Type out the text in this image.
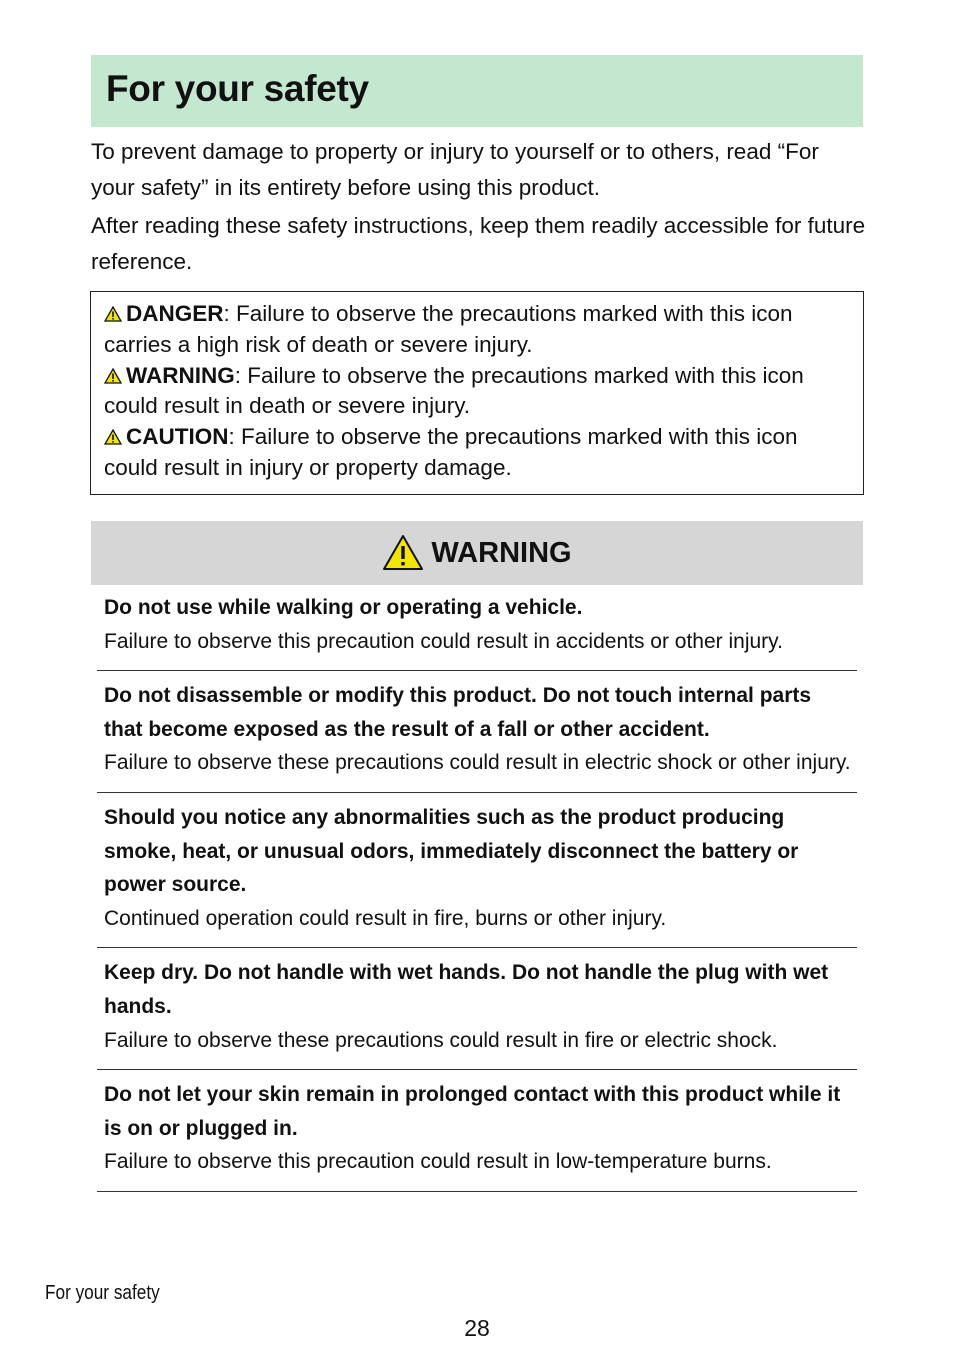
For your safety

To prevent damage to property or injury to yourself or to others, read “For your safety” in its entirety before using this product.

After reading these safety instructions, keep them readily accessible for future reference.

DANGER: Failure to observe the precautions marked with this icon carries a high risk of death or severe injury.

WARNING: Failure to observe the precautions marked with this icon could result in death or severe injury.

CAUTION: Failure to observe the precautions marked with this icon could result in injury or property damage.

WARNING

Do not use while walking or operating a vehicle.

Failure to observe this precaution could result in accidents or other injury.

Do not disassemble or modify this product. Do not touch internal parts that become exposed as the result of a fall or other accident.

Failure to observe these precautions could result in electric shock or other injury.

Should you notice any abnormalities such as the product producing smoke, heat, or unusual odors, immediately disconnect the battery or power source.

Continued operation could result in fire, burns or other injury.

Keep dry. Do not handle with wet hands. Do not handle the plug with wet hands.

Failure to observe these precautions could result in fire or electric shock.

Do not let your skin remain in prolonged contact with this product while it is on or plugged in.

Failure to observe this precaution could result in low-temperature burns.

For your safety
28
